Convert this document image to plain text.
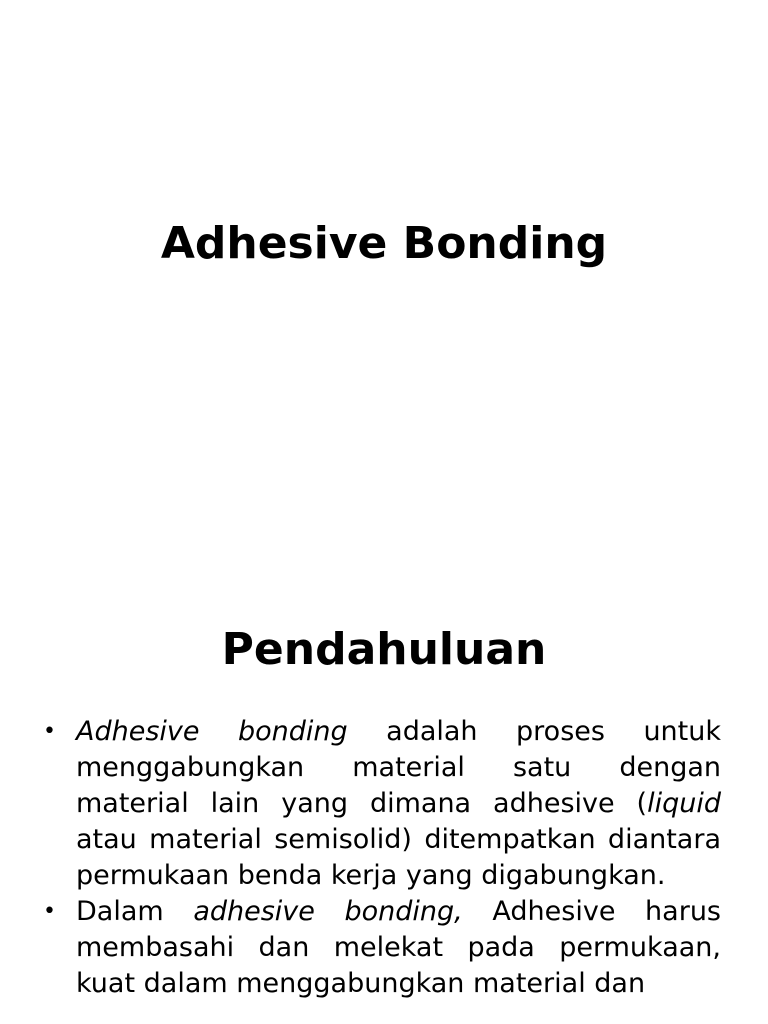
Adhesive Bonding
Pendahuluan
• Adhesive bonding adalah proses untuk menggabungkan material satu dengan material lain yang dimana adhesive (liquid atau material semisolid) ditempatkan diantara permukaan benda kerja yang digabungkan.
• Dalam adhesive bonding, Adhesive harus membasahi dan melekat pada permukaan, kuat dalam menggabungkan material dan
